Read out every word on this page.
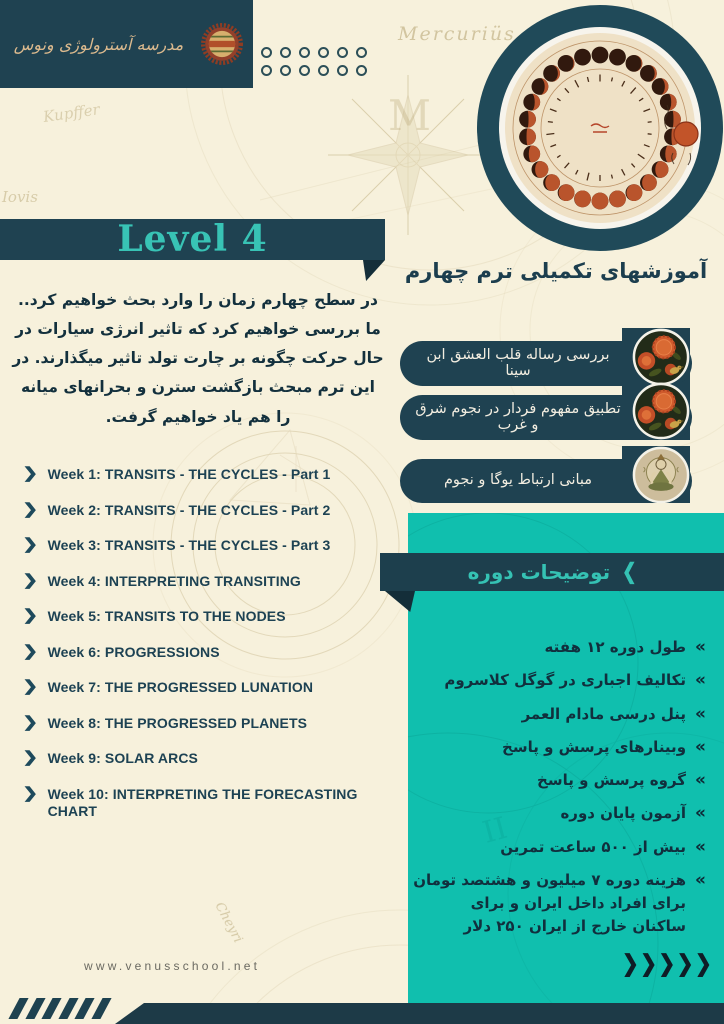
Mercuriüs
M
Kupffer
Iovis
Cheyri
مدرسه آسترولوژی ونوس
Level 4
در سطح چهارم زمان را وارد بحث خواهیم کرد.. ما بررسی خواهیم کرد که تاثیر انرژی سیارات در حال حرکت چگونه بر چارت تولد تاثیر میگذارند. در این ترم مبحث بازگشت سترن و بحرانهای میانه را هم یاد خواهیم گرفت.
آموزشهای تکمیلی ترم چهارم
بررسی رساله قلب العشق ابن سینا
تطبیق مفهوم فردار در نجوم شرق و غرب
مبانی ارتباط یوگا و نجوم
II
❮
توضیحات دوره
«
طول دوره ۱۲ هفته
«
تکالیف اجباری در گوگل کلاسروم
«
پنل درسی مادام العمر
«
وبینارهای پرسش و پاسخ
«
گروه پرسش و پاسخ
«
آزمون پایان دوره
«
بیش از ۵۰۰ ساعت تمرین
«
هزینه دوره ۷ میلیون و هشتصد تومان برای افراد داخل ایران و برای ساکنان خارج از ایران ۲۵۰ دلار
❯ Week 1: TRANSITS - THE CYCLES - Part 1
❯ Week 2: TRANSITS - THE CYCLES - Part 2
❯ Week 3: TRANSITS - THE CYCLES - Part 3
❯ Week 4: INTERPRETING TRANSITING
❯ Week 5: TRANSITS TO THE NODES
❯ Week 6: PROGRESSIONS
❯ Week 7: THE PROGRESSED LUNATION
❯ Week 8: THE PROGRESSED PLANETS
❯ Week 9: SOLAR ARCS
❯ Week 10: INTERPRETING THE FORECASTING CHART
❯❯❯❯❯
www.venusschool.net
